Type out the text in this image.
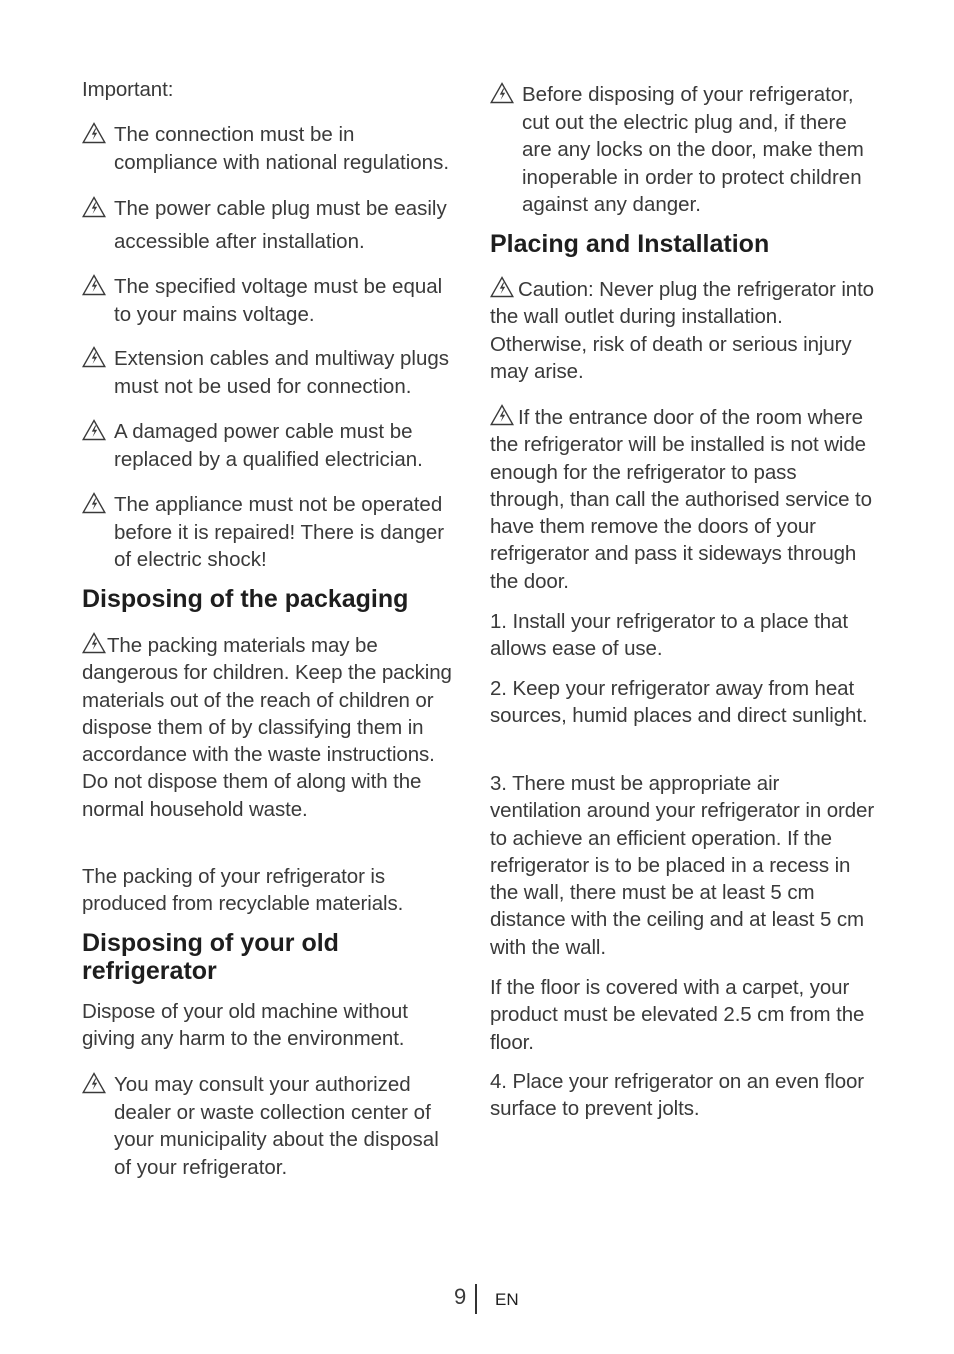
Important:

The connection must be in compliance with national regulations.
The power cable plug must be easily accessible after installation.
The specified voltage must be equal to your mains voltage.
Extension cables and multiway plugs must not be used for connection.
A damaged power cable must be replaced by a qualified electrician.
The appliance must not be operated before it is repaired! There is danger of electric shock!
Disposing of the packaging

The packing materials may be dangerous for children. Keep the packing materials out of the reach of children or dispose them of by classifying them in accordance with the waste instructions. Do not dispose them of along with the normal household waste.

The packing of your refrigerator is produced from recyclable materials.

Disposing of your old refrigerator

Dispose of your old machine without giving any harm to the environment.

You may consult your authorized dealer or waste collection center of your municipality about the disposal of your refrigerator.
Before disposing of your refrigerator, cut out the electric plug and, if there are any locks on the door, make them inoperable in order to protect children against any danger.
Placing and Installation

Caution: Never plug the refrigerator into the wall outlet during installation. Otherwise, risk of death or serious injury may arise.

If the entrance door of the room where the refrigerator will be installed is not wide enough for the refrigerator to pass through, than call the authorised service to have them remove the doors of your refrigerator and pass it sideways through the door.

1. Install your refrigerator to a place that allows ease of use.

2. Keep your refrigerator away from heat sources, humid places and direct sunlight.

3. There must be appropriate air ventilation around your refrigerator in order to achieve an efficient operation. If the refrigerator is to be placed in a recess in the wall, there must be at least 5 cm distance with the ceiling and at least 5 cm with the wall.

If the floor is covered with a carpet, your product must be elevated 2.5 cm from the floor.

4. Place your refrigerator on an even floor surface to prevent jolts.

9 EN
